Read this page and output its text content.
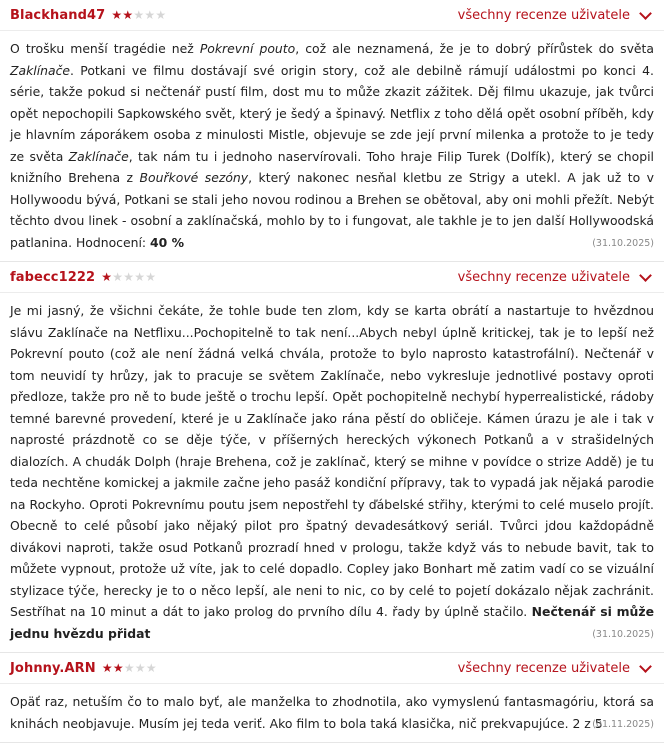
Blackhand47 ★ ★ ★ ★ ★	všechny recenze uživatele

O trošku menší tragédie než Pokrevní pouto, což ale neznamená, že je to dobrý přírůstek do světa Zaklínače. Potkani ve filmu dostávají své origin story, což ale debilně rámují událostmi po konci 4. série, takže pokud si nečtenář pustí film, dost mu to může zkazit zážitek. Děj filmu ukazuje, jak tvůrci opět nepochopili Sapkowského svět, který je šedý a špinavý. Netflix z toho dělá opět osobní příběh, kdy je hlavním záporákem osoba z minulosti Mistle, objevuje se zde její první milenka a protože to je tedy ze světa Zaklínače, tak nám tu i jednoho naservírovali. Toho hraje Filip Turek (Dolfík), který se chopil knižního Brehena z Bouřkové sezóny, který nakonec nesňal kletbu ze Strigy a utekl. A jak už to v Hollywoodu bývá, Potkani se stali jeho novou rodinou a Brehen se obětoval, aby oni mohli přežít. Nebýt těchto dvou linek - osobní a zaklínačská, mohlo by to i fungovat, ale takhle je to jen další Hollywoodská patlanina. Hodnocení: 40 %	(31.10.2025)
fabecc1222 ★ ★ ★ ★ ★	všechny recenze uživatele

Je mi jasný, že všichni čekáte, že tohle bude ten zlom, kdy se karta obrátí a nastartuje to hvězdnou slávu Zaklínače na Netflixu...Pochopitelně to tak není...Abych nebyl úplně kritickej, tak je to lepší než Pokrevní pouto (což ale není žádná velká chvála, protože to bylo naprosto katastrofální). Nečtenář v tom neuvidí ty hrůzy, jak to pracuje se světem Zaklínače, nebo vykresluje jednotlivé postavy oproti předloze, takže pro ně to bude ještě o trochu lepší. Opět pochopitelně nechybí hyperrealistické, rádoby temné barevné provedení, které je u Zaklínače jako rána pěstí do obličeje. Kámen úrazu je ale i tak v naprosté prázdnotě co se děje týče, v příšerných hereckých výkonech Potkanů a v strašidelných dialozích. A chudák Dolph (hraje Brehena, což je zaklínač, který se mihne v povídce o strize Addě) je tu teda nechtěne komickej a jakmile začne jeho pasáž kondiční přípravy, tak to vypadá jak nějaká parodie na Rockyho. Oproti Pokrevnímu poutu jsem nepostřehl ty ďábelské střihy, kterými to celé muselo projít. Obecně to celé působí jako nějaký pilot pro špatný devadesátkový seriál. Tvůrci jdou každopádně divákovi naproti, takže osud Potkanů prozradí hned v prologu, takže když vás to nebude bavit, tak to můžete vypnout, protože už víte, jak to celé dopadlo. Copley jako Bonhart mě zatim vadí co se vizuální stylizace týče, herecky je to o něco lepší, ale neni to nic, co by celé to pojetí dokázalo nějak zachránit. Sestříhat na 10 minut a dát to jako prolog do prvního dílu 4. řady by úplně stačilo. Nečtenář si může jednu hvězdu přidat	(31.10.2025)
Johnny.ARN ★ ★ ★ ★ ★	všechny recenze uživatele

Opäť raz, netuším čo to malo byť, ale manželka to zhodnotila, ako vymyslenú fantasmagóriu, ktorá sa knihách neobjavuje. Musím jej teda veriť. Ako film to bola taká klasička, nič prekvapujúce. 2 z 5

(01.11.2025)
